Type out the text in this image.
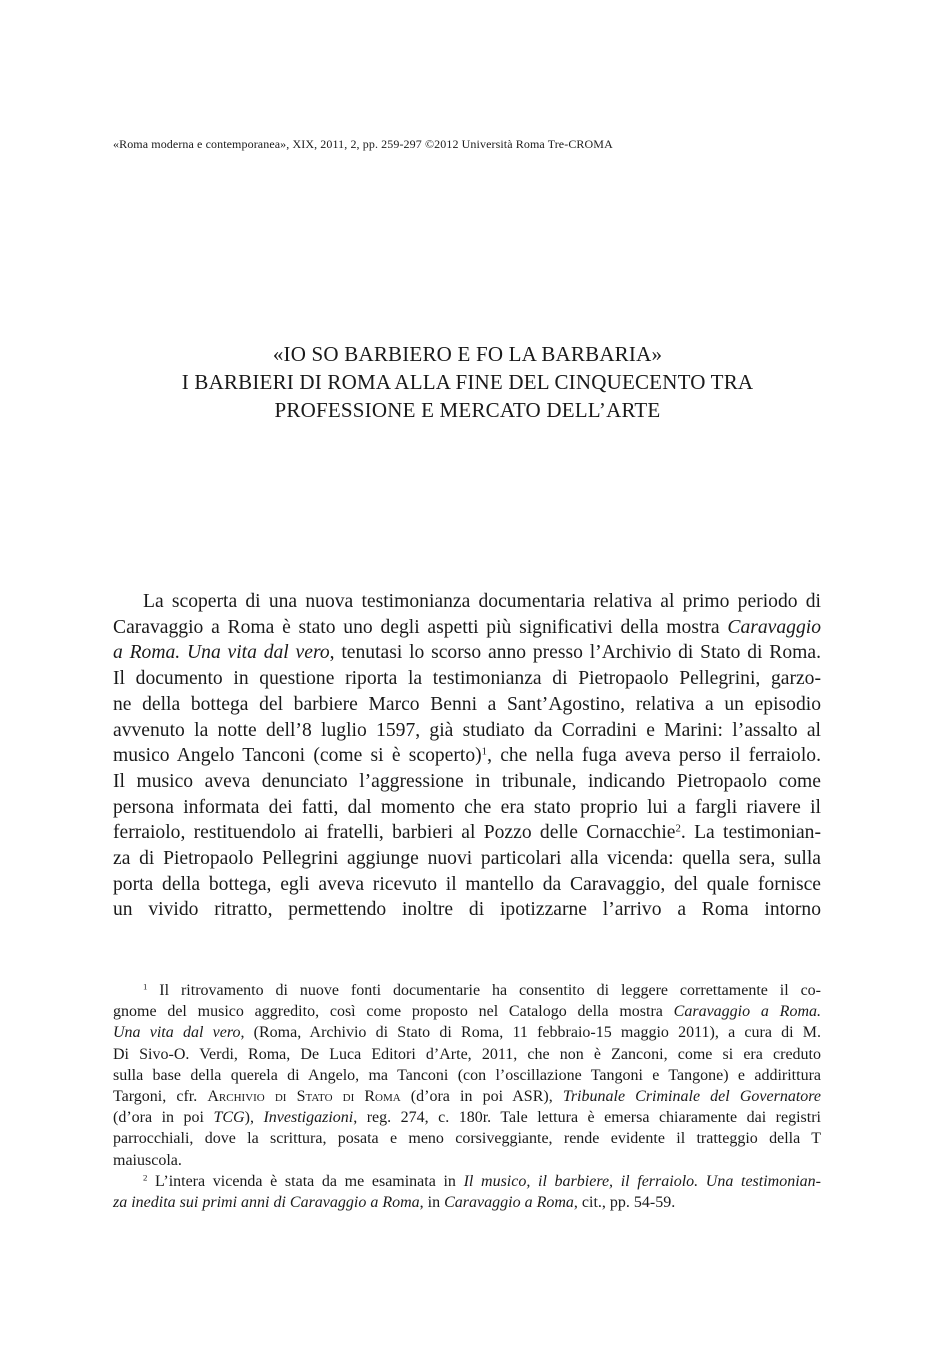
«Roma moderna e contemporanea», XIX, 2011, 2, pp. 259-297 ©2012 Università Roma Tre-CROMA
«IO SO BARBIERO E FO LA BARBARIA»
I BARBIERI DI ROMA ALLA FINE DEL CINQUECENTO TRA
PROFESSIONE E MERCATO DELL’ARTE
La scoperta di una nuova testimonianza documentaria relativa al primo periodo di
Caravaggio a Roma è stato uno degli aspetti più significativi della mostra Caravaggio
a Roma. Una vita dal vero, tenutasi lo scorso anno presso l’Archivio di Stato di Roma.
Il documento in questione riporta la testimonianza di Pietropaolo Pellegrini, garzo-
ne della bottega del barbiere Marco Benni a Sant’Agostino, relativa a un episodio
avvenuto la notte dell’8 luglio 1597, già studiato da Corradini e Marini: l’assalto al
musico Angelo Tanconi (come si è scoperto)$^1$, che nella fuga aveva perso il ferraiolo.
Il musico aveva denunciato l’aggressione in tribunale, indicando Pietropaolo come
persona informata dei fatti, dal momento che era stato proprio lui a fargli riavere il
ferraiolo, restituendolo ai fratelli, barbieri al Pozzo delle Cornacchie$^2$. La testimonian-
za di Pietropaolo Pellegrini aggiunge nuovi particolari alla vicenda: quella sera, sulla
porta della bottega, egli aveva ricevuto il mantello da Caravaggio, del quale fornisce
un vivido ritratto, permettendo inoltre di ipotizzarne l’arrivo a Roma intorno
$^1$ Il ritrovamento di nuove fonti documentarie ha consentito di leggere correttamente il co-
gnome del musico aggredito, così come proposto nel Catalogo della mostra Caravaggio a Roma.
Una vita dal vero, (Roma, Archivio di Stato di Roma, 11 febbraio-15 maggio 2011), a cura di M.
Di Sivo-O. Verdi, Roma, De Luca Editori d’Arte, 2011, che non è Zanconi, come si era creduto
sulla base della querela di Angelo, ma Tanconi (con l’oscillazione Tangoni e Tangone) e addirittura
Targoni, cfr. Archivio di Stato di Roma (d’ora in poi ASR), Tribunale Criminale del Governatore
(d’ora in poi TCG), Investigazioni, reg. 274, c. 180r. Tale lettura è emersa chiaramente dai registri
parrocchiali, dove la scrittura, posata e meno corsiveggiante, rende evidente il tratteggio della T
maiuscola.
$^2$ L’intera vicenda è stata da me esaminata in Il musico, il barbiere, il ferraiolo. Una testimonian-
za inedita sui primi anni di Caravaggio a Roma, in Caravaggio a Roma, cit., pp. 54-59.
